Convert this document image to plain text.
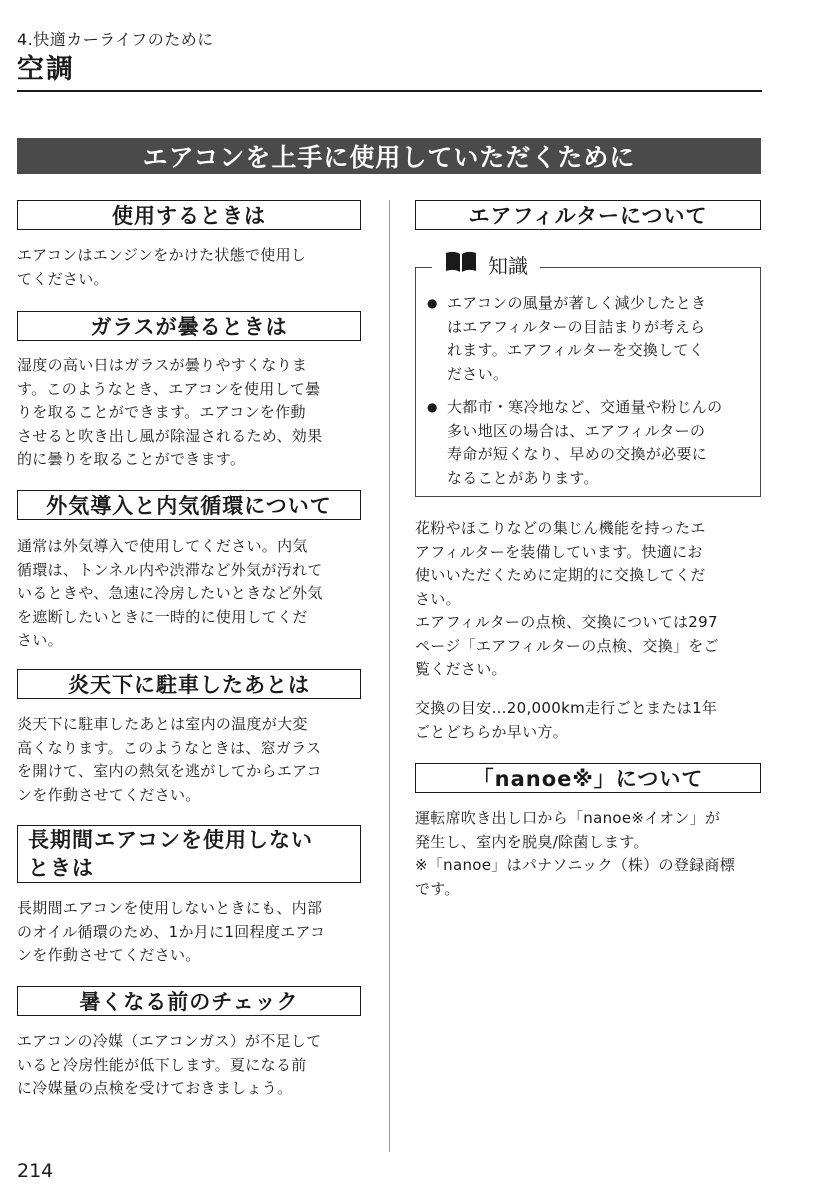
4.快適カーライフのために
空調
エアコンを上手に使用していただくために
使用するときは
エアコンはエンジンをかけた状態で使用し
てください。
ガラスが曇るときは
湿度の高い日はガラスが曇りやすくなりま
す。このようなとき、エアコンを使用して曇
りを取ることができます。エアコンを作動
させると吹き出し風が除湿されるため、効果
的に曇りを取ることができます。
外気導入と内気循環について
通常は外気導入で使用してください。内気
循環は、トンネル内や渋滞など外気が汚れて
いるときや、急速に冷房したいときなど外気
を遮断したいときに一時的に使用してくだ
さい。
炎天下に駐車したあとは
炎天下に駐車したあとは室内の温度が大変
高くなります。このようなときは、窓ガラス
を開けて、室内の熱気を逃がしてからエアコ
ンを作動させてください。
長期間エアコンを使用しない
ときは
長期間エアコンを使用しないときにも、内部
のオイル循環のため、1か月に1回程度エアコ
ンを作動させてください。
暑くなる前のチェック
エアコンの冷媒（エアコンガス）が不足して
いると冷房性能が低下します。夏になる前
に冷媒量の点検を受けておきましょう。
エアフィルターについて
知識
● エアコンの風量が著しく減少したとき
はエアフィルターの目詰まりが考えら
れます。エアフィルターを交換してく
ださい。
● 大都市・寒冷地など、交通量や粉じんの
多い地区の場合は、エアフィルターの
寿命が短くなり、早めの交換が必要に
なることがあります。
花粉やほこりなどの集じん機能を持ったエ
アフィルターを装備しています。快適にお
使いいただくために定期的に交換してくだ
さい。
エアフィルターの点検、交換については297
ページ「エアフィルターの点検、交換」をご
覧ください。
交換の目安…20,000km走行ごとまたは1年
ごとどちらか早い方。
「nanoe※」について
運転席吹き出し口から「nanoe※イオン」が
発生し、室内を脱臭/除菌します。
※「nanoe」はパナソニック（株）の登録商標
です。
214
